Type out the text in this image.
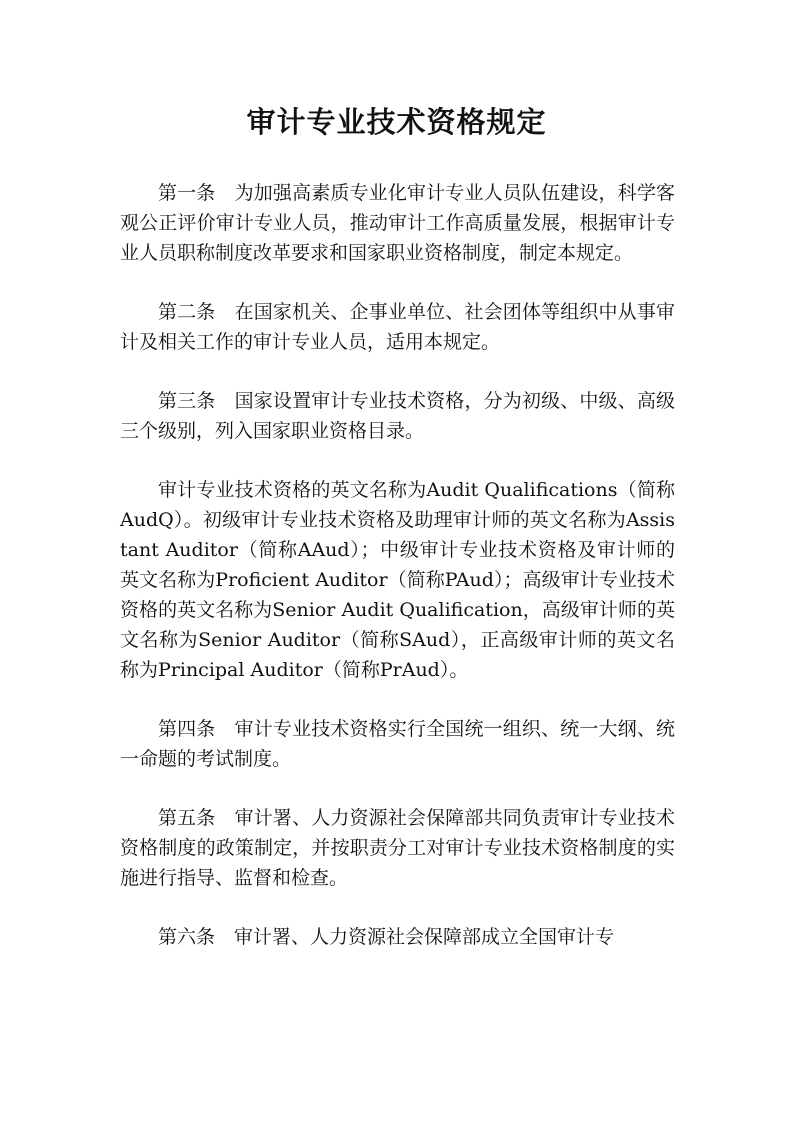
审计专业技术资格规定

第一条　为加强高素质专业化审计专业人员队伍建设，科学客观公正评价审计专业人员，推动审计工作高质量发展，根据审计专业人员职称制度改革要求和国家职业资格制度，制定本规定。

第二条　在国家机关、企事业单位、社会团体等组织中从事审计及相关工作的审计专业人员，适用本规定。

第三条　国家设置审计专业技术资格，分为初级、中级、高级三个级别，列入国家职业资格目录。

审计专业技术资格的英文名称为Audit Qualifications（简称AudQ）。初级审计专业技术资格及助理审计师的英文名称为Assistant Auditor（简称AAud）；中级审计专业技术资格及审计师的英文名称为Proficient Auditor（简称PAud）；高级审计专业技术资格的英文名称为Senior Audit Qualification，高级审计师的英文名称为Senior Auditor（简称SAud），正高级审计师的英文名称为Principal Auditor（简称PrAud）。

第四条　审计专业技术资格实行全国统一组织、统一大纲、统一命题的考试制度。

第五条　审计署、人力资源社会保障部共同负责审计专业技术资格制度的政策制定，并按职责分工对审计专业技术资格制度的实施进行指导、监督和检查。

第六条　审计署、人力资源社会保障部成立全国审计专
